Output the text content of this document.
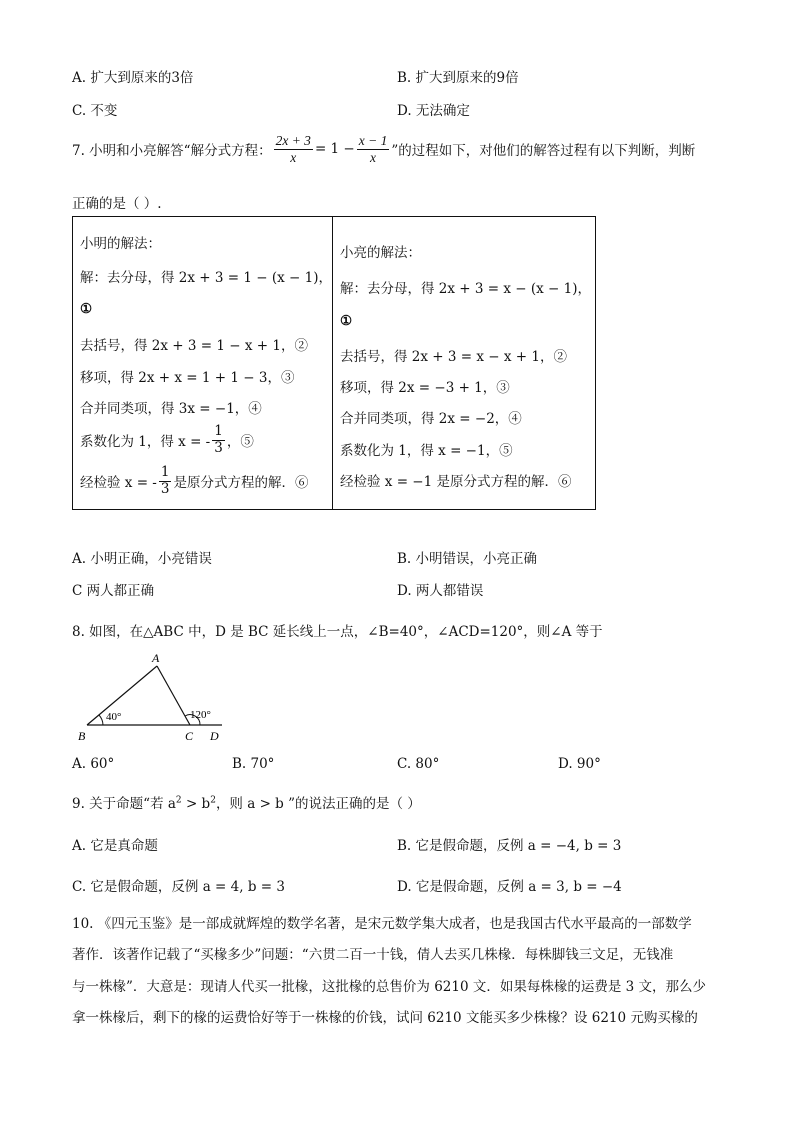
A. 扩大到原来的3倍	B. 扩大到原来的9倍
C. 不变	D. 无法确定
7. 小明和小亮解答“解分式方程： $\frac{2x + 3}{x} = 1 - \frac{x - 1}{x}$ ”的过程如下，对他们的解答过程有以下判断，判断
正确的是（ ）.
小明的解法：
解：去分母，得 2x + 3 = 1 − (x − 1)，
①
去括号，得 2x + 3 = 1 − x + 1，②
移项，得 2x + x = 1 + 1 − 3，③
合并同类项，得 3x = −1，④
系数化为 1，得 x = - $\frac{1}{3}$ ，⑤
经检验 x = - $\frac{1}{3}$ 是原分式方程的解．⑥
小亮的解法：
解：去分母，得 2x + 3 = x − (x − 1)，
①
去括号，得 2x + 3 = x − x + 1，②
移项，得 2x = −3 + 1，③
合并同类项，得 2x = −2，④
系数化为 1，得 x = −1，⑤
经检验 x = −1 是原分式方程的解．⑥
A. 小明正确，小亮错误	B. 小明错误，小亮正确
C 两人都正确	D. 两人都错误
8. 如图，在△ABC 中，D 是 BC 延长线上一点，∠B=40°，∠ACD=120°，则∠A 等于
A
B	C D
40°	120°
A. 60°	B. 70°	C. 80°	D. 90°
9. 关于命题“若 $a^2 > b^2$，则 a > b ”的说法正确的是（ ）
A. 它是真命题	B. 它是假命题，反例 a = −4, b = 3
C. 它是假命题，反例 a = 4, b = 3	D. 它是假命题，反例 a = 3, b = −4
10. 《四元玉鉴》是一部成就辉煌的数学名著，是宋元数学集大成者，也是我国古代水平最高的一部数学
著作．该著作记载了“买椽多少”问题：“六贯二百一十钱，倩人去买几株椽．每株脚钱三文足，无钱准
与一株椽”．大意是：现请人代买一批椽，这批椽的总售价为 6210 文．如果每株椽的运费是 3 文，那么少
拿一株椽后，剩下的椽的运费恰好等于一株椽的价钱，试问 6210 文能买多少株椽？设 6210 元购买椽的
